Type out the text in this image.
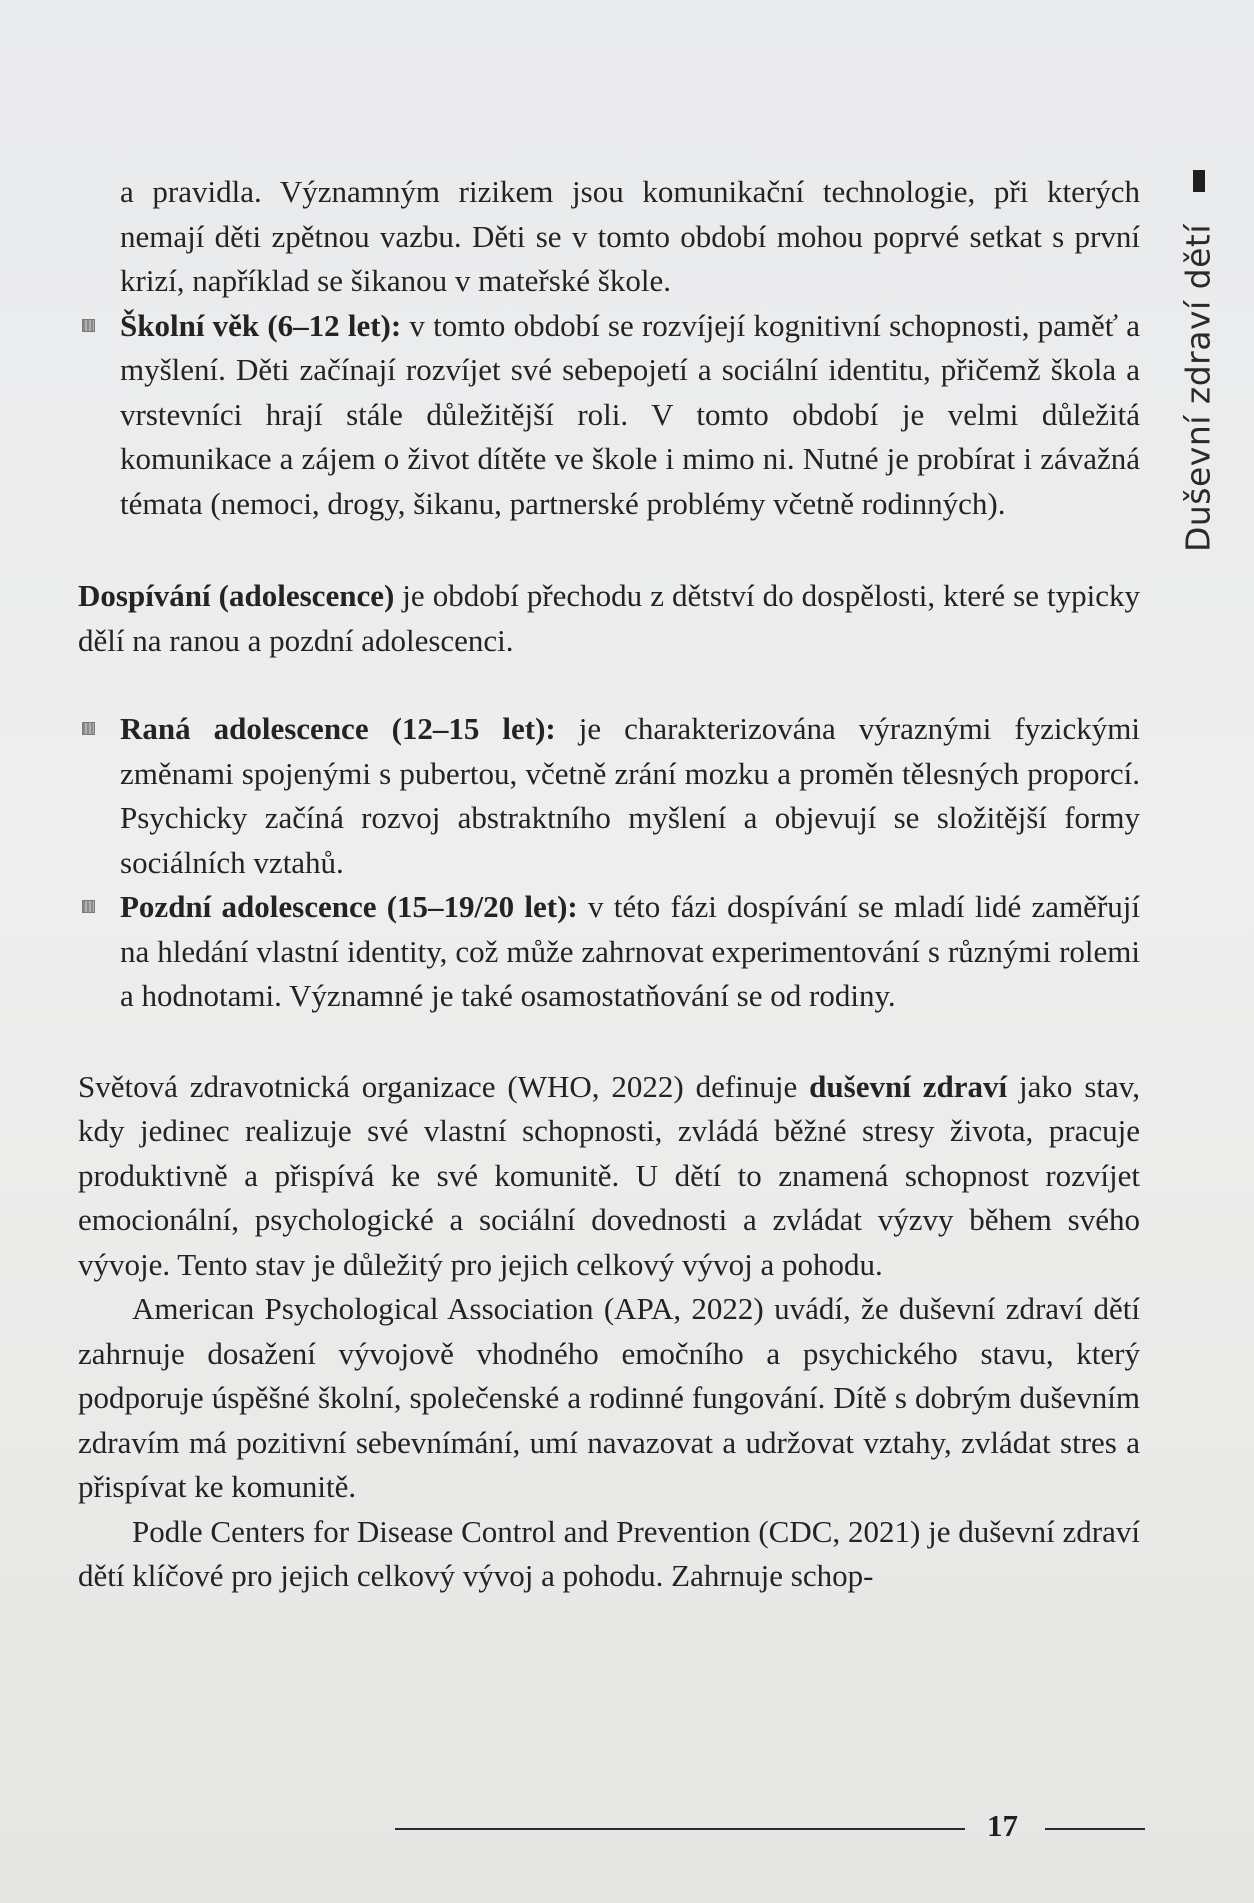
Duševní zdraví dětí
a pravidla. Významným rizikem jsou komunikační technologie, při kterých nemají děti zpětnou vazbu. Děti se v tomto období mohou poprvé setkat s první krizí, například se šikanou v mateřské škole.
Školní věk (6–12 let): v tomto období se rozvíjejí kognitivní schopnosti, paměť a myšlení. Děti začínají rozvíjet své sebepojetí a sociální identitu, přičemž škola a vrstevníci hrají stále důležitější roli. V tomto období je velmi důležitá komunikace a zájem o život dítěte ve škole i mimo ni. Nutné je probírat i závažná témata (nemoci, drogy, šikanu, partnerské problémy včetně rodinných).

Dospívání (adolescence) je období přechodu z dětství do dospělosti, které se typicky dělí na ranou a pozdní adolescenci.

Raná adolescence (12–15 let): je charakterizována výraznými fyzickými změnami spojenými s pubertou, včetně zrání mozku a proměn tělesných proporcí. Psychicky začíná rozvoj abstraktního myšlení a objevují se složitější formy sociálních vztahů.
Pozdní adolescence (15–19/20 let): v této fázi dospívání se mladí lidé zaměřují na hledání vlastní identity, což může zahrnovat experimentování s různými rolemi a hodnotami. Významné je také osamostatňování se od rodiny.

Světová zdravotnická organizace (WHO, 2022) definuje duševní zdraví jako stav, kdy jedinec realizuje své vlastní schopnosti, zvládá běžné stresy života, pracuje produktivně a přispívá ke své komunitě. U dětí to znamená schopnost rozvíjet emocionální, psychologické a sociální dovednosti a zvládat výzvy během svého vývoje. Tento stav je důležitý pro jejich celkový vývoj a pohodu.

American Psychological Association (APA, 2022) uvádí, že duševní zdraví dětí zahrnuje dosažení vývojově vhodného emočního a psychického stavu, který podporuje úspěšné školní, společenské a rodinné fungování. Dítě s dobrým duševním zdravím má pozitivní sebevnímání, umí navazovat a udržovat vztahy, zvládat stres a přispívat ke komunitě.

Podle Centers for Disease Control and Prevention (CDC, 2021) je duševní zdraví dětí klíčové pro jejich celkový vývoj a pohodu. Zahrnuje schop-

17
